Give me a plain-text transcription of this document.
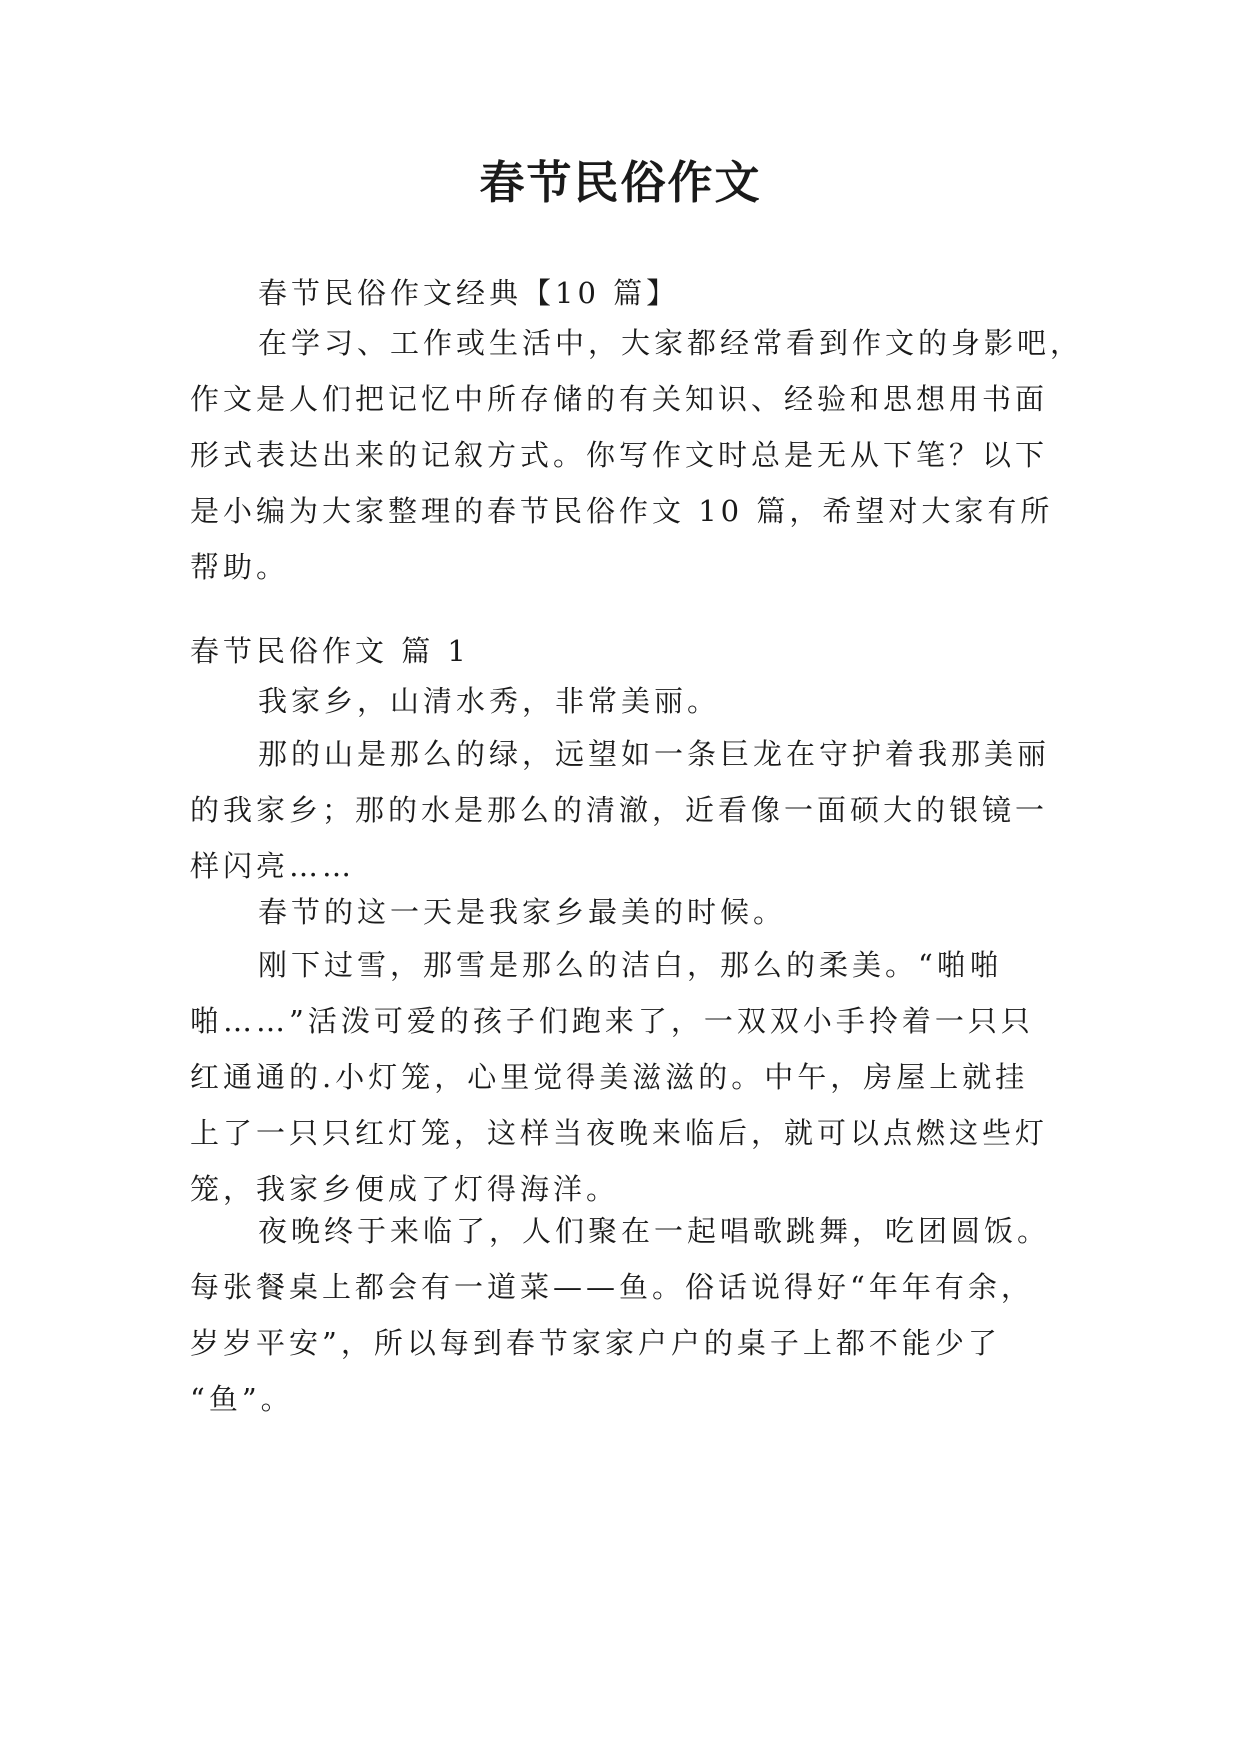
春节民俗作文

春节民俗作文经典【10 篇】

在学习、工作或生活中，大家都经常看到作文的身影吧，
作文是人们把记忆中所存储的有关知识、经验和思想用书面
形式表达出来的记叙方式。你写作文时总是无从下笔？以下
是小编为大家整理的春节民俗作文 10 篇，希望对大家有所
帮助。

春节民俗作文 篇 1

我家乡，山清水秀，非常美丽。

那的山是那么的绿，远望如一条巨龙在守护着我那美丽
的我家乡；那的水是那么的清澈，近看像一面硕大的银镜一
样闪亮……

春节的这一天是我家乡最美的时候。

刚下过雪，那雪是那么的洁白，那么的柔美。“啪啪
啪……”活泼可爱的孩子们跑来了，一双双小手拎着一只只
红通通的.小灯笼，心里觉得美滋滋的。中午，房屋上就挂
上了一只只红灯笼，这样当夜晚来临后，就可以点燃这些灯
笼，我家乡便成了灯得海洋。

夜晚终于来临了，人们聚在一起唱歌跳舞，吃团圆饭。
每张餐桌上都会有一道菜——鱼。俗话说得好“年年有余，
岁岁平安”，所以每到春节家家户户的桌子上都不能少了
“鱼”。
